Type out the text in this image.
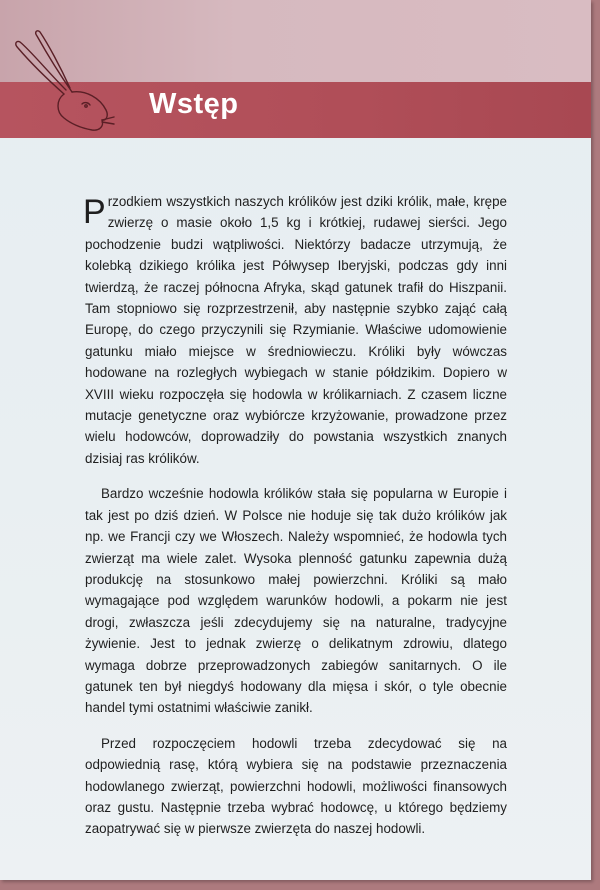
Wstęp

Przodkiem wszystkich naszych królików jest dziki królik, małe, krępe zwierzę o masie około 1,5 kg i krótkiej, rudawej sierści. Jego pochodzenie budzi wątpliwości. Niektórzy badacze utrzymują, że kolebką dzikiego królika jest Półwysep Iberyjski, podczas gdy inni twierdzą, że raczej północna Afryka, skąd gatunek trafił do Hiszpanii. Tam stopniowo się rozprzestrzenił, aby następnie szybko zająć całą Europę, do czego przyczynili się Rzymianie. Właściwe udomowienie gatunku miało miejsce w średniowieczu. Króliki były wówczas hodowane na rozległych wybiegach w stanie półdzikim. Dopiero w XVIII wieku rozpoczęła się hodowla w królikarniach. Z czasem liczne mutacje genetyczne oraz wybiórcze krzyżowanie, prowadzone przez wielu hodowców, doprowadziły do powstania wszystkich znanych dzisiaj ras królików.

Bardzo wcześnie hodowla królików stała się popularna w Europie i tak jest po dziś dzień. W Polsce nie hoduje się tak dużo królików jak np. we Francji czy we Włoszech. Należy wspomnieć, że hodowla tych zwierząt ma wiele zalet. Wysoka plenność gatunku zapewnia dużą produkcję na stosunkowo małej powierzchni. Króliki są mało wymagające pod względem warunków hodowli, a pokarm nie jest drogi, zwłaszcza jeśli zdecydujemy się na naturalne, tradycyjne żywienie. Jest to jednak zwierzę o delikatnym zdrowiu, dlatego wymaga dobrze przeprowadzonych zabiegów sanitarnych. O ile gatunek ten był niegdyś hodowany dla mięsa i skór, o tyle obecnie handel tymi ostatnimi właściwie zanikł.

Przed rozpoczęciem hodowli trzeba zdecydować się na odpowiednią rasę, którą wybiera się na podstawie przeznaczenia hodowlanego zwierząt, powierzchni hodowli, możliwości finansowych oraz gustu. Następnie trzeba wybrać hodowcę, u którego będziemy zaopatrywać się w pierwsze zwierzęta do naszej hodowli.
